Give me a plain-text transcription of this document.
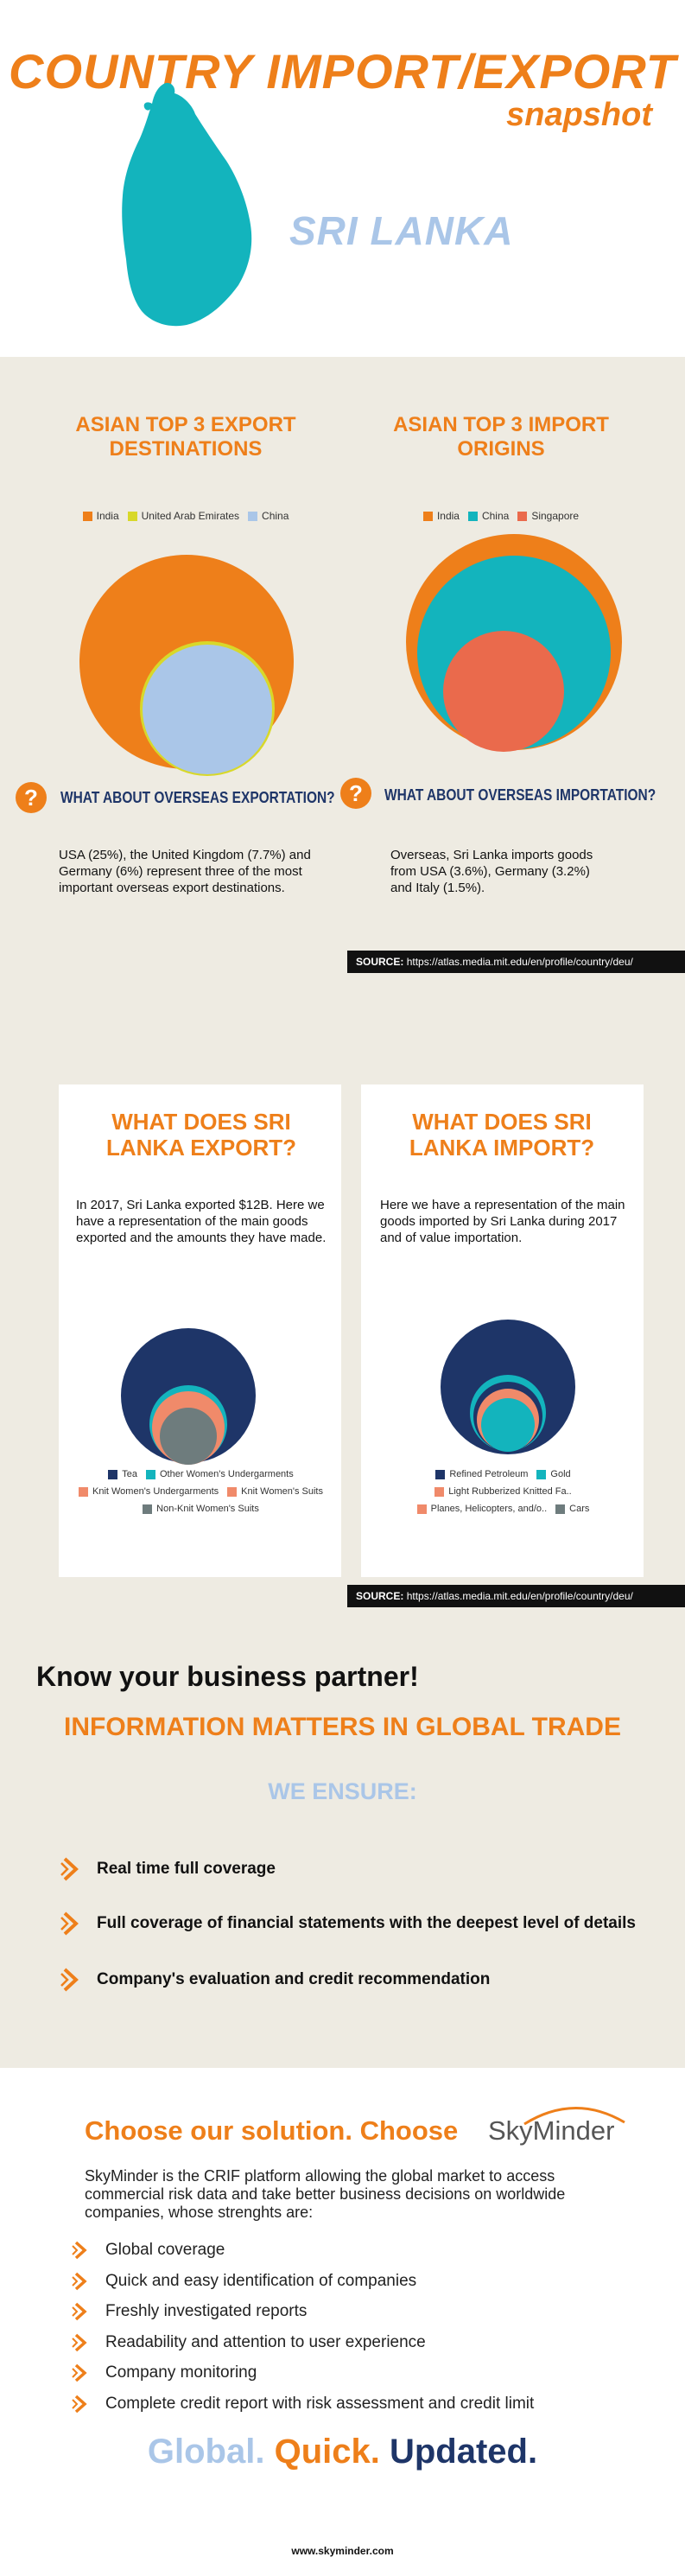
COUNTRY IMPORT/EXPORT
snapshot
SRI LANKA
ASIAN TOP 3 EXPORT DESTINATIONS
India United Arab Emirates China
?	WHAT ABOUT OVERSEAS EXPORTATION?
USA (25%), the United Kingdom (7.7%) and Germany (6%) represent three of the most important overseas export destinations.
ASIAN TOP 3 IMPORT ORIGINS
India China Singapore
?	WHAT ABOUT OVERSEAS IMPORTATION?
Overseas, Sri Lanka imports goods from USA (3.6%), Germany (3.2%) and Italy (1.5%).
SOURCE: https://atlas.media.mit.edu/en/profile/country/deu/
WHAT DOES SRI LANKA EXPORT?
In 2017, Sri Lanka exported $12B. Here we have a representation of the main goods exported and the amounts they have made.
Tea Other Women's Undergarments
Knit Women's Undergarments Knit Women's Suits
Non-Knit Women's Suits
WHAT DOES SRI LANKA IMPORT?
Here we have a representation of the main goods imported by Sri Lanka during 2017 and of value importation.
Refined Petroleum Gold
Light Rubberized Knitted Fa..
Planes, Helicopters, and/o.. Cars
SOURCE: https://atlas.media.mit.edu/en/profile/country/deu/
Know your business partner!
INFORMATION MATTERS IN GLOBAL TRADE
WE ENSURE:
Real time full coverage
Full coverage of financial statements with the deepest level of details
Company's evaluation and credit recommendation
Choose our solution. Choose SkyMinder
SkyMinder is the CRIF platform allowing the global market to access commercial risk data and take better business decisions on worldwide companies, whose strenghts are:
Global coverage
Quick and easy identification of companies
Freshly investigated reports
Readability and attention to user experience
Company monitoring
Complete credit report with risk assessment and credit limit
Global. Quick. Updated.
www.skyminder.com
